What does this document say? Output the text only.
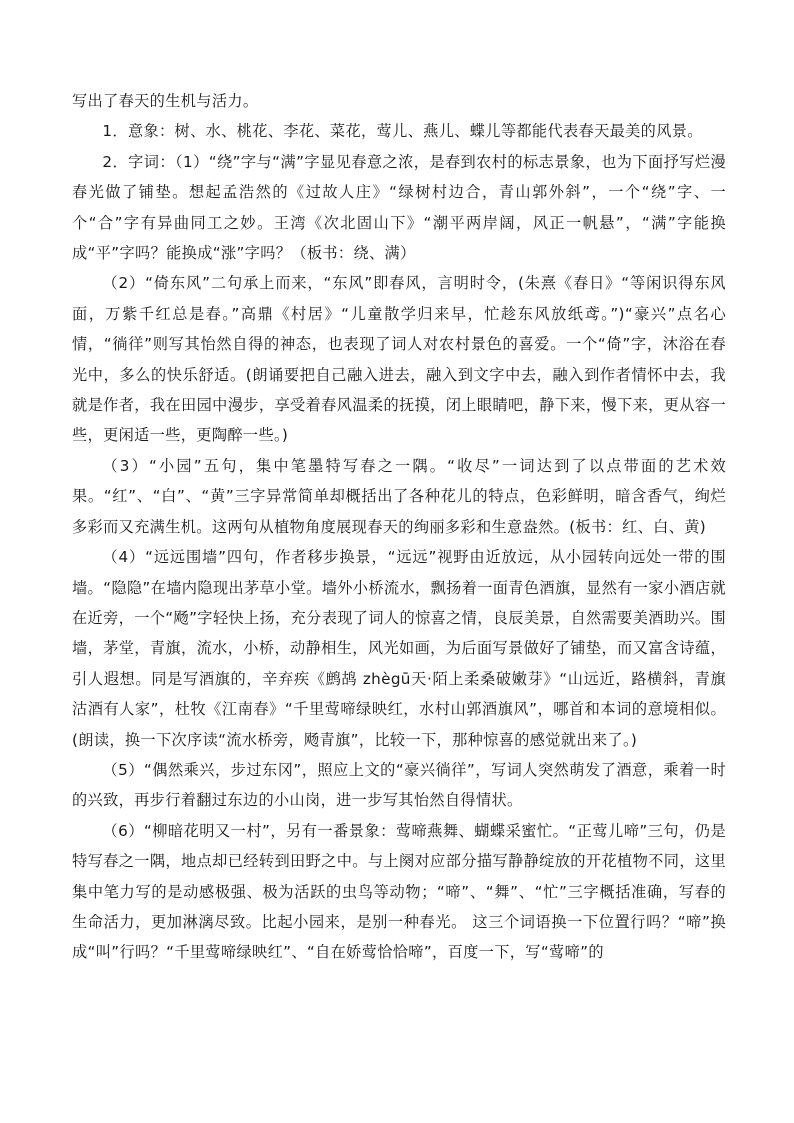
写出了春天的生机与活力。

1．意象：树、水、桃花、李花、菜花，莺儿、燕儿、蝶儿等都能代表春天最美的风景。

2．字词：（1）“绕”字与“满”字显见春意之浓，是春到农村的标志景象，也为下面抒写烂漫春光做了铺垫。想起孟浩然的《过故人庄》“绿树村边合，青山郭外斜”，一个“绕”字、一个“合”字有异曲同工之妙。王湾《次北固山下》“潮平两岸阔，风正一帆悬”，“满”字能换成“平”字吗？能换成“涨”字吗？（板书：绕、满）

（2）“倚东风”二句承上而来，“东风”即春风，言明时令，(朱熹《春日》“等闲识得东风面，万紫千红总是春。”高鼎《村居》“儿童散学归来早，忙趁东风放纸鸢。”)“豪兴”点名心情，“徜徉”则写其怡然自得的神态，也表现了词人对农村景色的喜爱。一个“倚”字，沐浴在春光中，多么的快乐舒适。(朗诵要把自己融入进去，融入到文字中去，融入到作者情怀中去，我就是作者，我在田园中漫步，享受着春风温柔的抚摸，闭上眼睛吧，静下来，慢下来，更从容一些，更闲适一些，更陶醉一些。)

（3）“小园”五句，集中笔墨特写春之一隅。“收尽”一词达到了以点带面的艺术效果。“红”、“白”、“黄”三字异常简单却概括出了各种花儿的特点，色彩鲜明，暗含香气，绚烂多彩而又充满生机。这两句从植物角度展现春天的绚丽多彩和生意盎然。(板书：红、白、黄)

（4）“远远围墙”四句，作者移步换景，“远远”视野由近放远，从小园转向远处一带的围墙。“隐隐”在墙内隐现出茅草小堂。墙外小桥流水，飘扬着一面青色酒旗，显然有一家小酒店就在近旁，一个“飏”字轻快上扬，充分表现了词人的惊喜之情，良辰美景，自然需要美酒助兴。围墙，茅堂，青旗，流水，小桥，动静相生，风光如画，为后面写景做好了铺垫，而又富含诗蕴，引人遐想。同是写酒旗的，辛弃疾《鹧鸪 zhègū天·陌上柔桑破嫩芽》“山远近，路横斜，青旗沽酒有人家”，杜牧《江南春》“千里莺啼绿映红，水村山郭酒旗风”，哪首和本词的意境相似。(朗读，换一下次序读“流水桥旁，飏青旗”，比较一下，那种惊喜的感觉就出来了。)

（5）“偶然乘兴，步过东冈”，照应上文的“豪兴徜徉”，写词人突然萌发了酒意，乘着一时的兴致，再步行着翻过东边的小山岗，进一步写其怡然自得情状。

（6）“柳暗花明又一村”，另有一番景象：莺啼燕舞、蝴蝶采蜜忙。“正莺儿啼”三句，仍是特写春之一隅，地点却已经转到田野之中。与上阕对应部分描写静静绽放的开花植物不同，这里集中笔力写的是动感极强、极为活跃的虫鸟等动物；“啼”、“舞”、“忙”三字概括准确，写春的生命活力，更加淋漓尽致。比起小园来，是别一种春光。 这三个词语换一下位置行吗？“啼”换成“叫”行吗？“千里莺啼绿映红”、“自在娇莺恰恰啼”，百度一下，写“莺啼”的
